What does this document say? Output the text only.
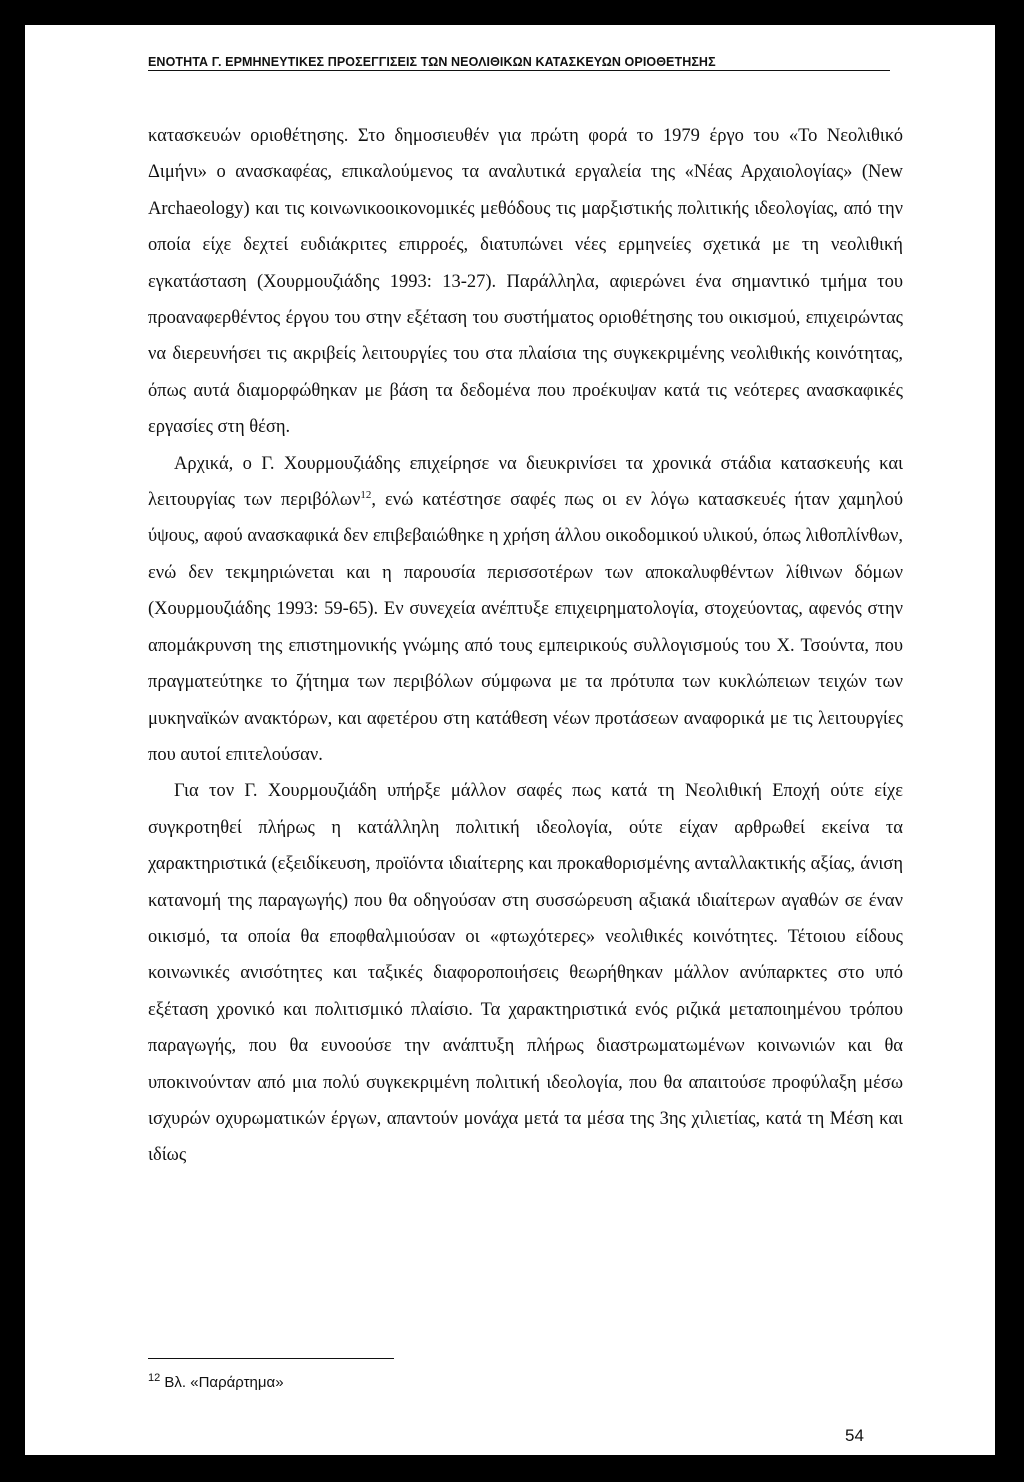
ΕΝΟΤΗΤΑ Γ. ΕΡΜΗΝΕΥΤΙΚΕΣ ΠΡΟΣΕΓΓΙΣΕΙΣ ΤΩΝ ΝΕΟΛΙΘΙΚΩΝ ΚΑΤΑΣΚΕΥΩΝ ΟΡΙΟΘΕΤΗΣΗΣ

κατασκευών οριοθέτησης. Στο δημοσιευθέν για πρώτη φορά το 1979 έργο του «Το Νεολιθικό Διμήνι» ο ανασκαφέας, επικαλούμενος τα αναλυτικά εργαλεία της «Νέας Αρχαιολογίας» (New Archaeology) και τις κοινωνικοοικονομικές μεθόδους τις μαρξιστικής πολιτικής ιδεολογίας, από την οποία είχε δεχτεί ευδιάκριτες επιρροές, διατυπώνει νέες ερμηνείες σχετικά με τη νεολιθική εγκατάσταση (Χουρμουζιάδης 1993: 13-27). Παράλληλα, αφιερώνει ένα σημαντικό τμήμα του προαναφερθέντος έργου του στην εξέταση του συστήματος οριοθέτησης του οικισμού, επιχειρώντας να διερευνήσει τις ακριβείς λειτουργίες του στα πλαίσια της συγκεκριμένης νεολιθικής κοινότητας, όπως αυτά διαμορφώθηκαν με βάση τα δεδομένα που προέκυψαν κατά τις νεότερες ανασκαφικές εργασίες στη θέση.

Αρχικά, ο Γ. Χουρμουζιάδης επιχείρησε να διευκρινίσει τα χρονικά στάδια κατασκευής και λειτουργίας των περιβόλων$^{12}$, ενώ κατέστησε σαφές πως οι εν λόγω κατασκευές ήταν χαμηλού ύψους, αφού ανασκαφικά δεν επιβεβαιώθηκε η χρήση άλλου οικοδομικού υλικού, όπως λιθοπλίνθων, ενώ δεν τεκμηριώνεται και η παρουσία περισσοτέρων των αποκαλυφθέντων λίθινων δόμων (Χουρμουζιάδης 1993: 59-65). Εν συνεχεία ανέπτυξε επιχειρηματολογία, στοχεύοντας, αφενός στην απομάκρυνση της επιστημονικής γνώμης από τους εμπειρικούς συλλογισμούς του Χ. Τσούντα, που πραγματεύτηκε το ζήτημα των περιβόλων σύμφωνα με τα πρότυπα των κυκλώπειων τειχών των μυκηναϊκών ανακτόρων, και αφετέρου στη κατάθεση νέων προτάσεων αναφορικά με τις λειτουργίες που αυτοί επιτελούσαν.

Για τον Γ. Χουρμουζιάδη υπήρξε μάλλον σαφές πως κατά τη Νεολιθική Εποχή ούτε είχε συγκροτηθεί πλήρως η κατάλληλη πολιτική ιδεολογία, ούτε είχαν αρθρωθεί εκείνα τα χαρακτηριστικά (εξειδίκευση, προϊόντα ιδιαίτερης και προκαθορισμένης ανταλλακτικής αξίας, άνιση κατανομή της παραγωγής) που θα οδηγούσαν στη συσσώρευση αξιακά ιδιαίτερων αγαθών σε έναν οικισμό, τα οποία θα εποφθαλμιούσαν οι «φτωχότερες» νεολιθικές κοινότητες. Τέτοιου είδους κοινωνικές ανισότητες και ταξικές διαφοροποιήσεις θεωρήθηκαν μάλλον ανύπαρκτες στο υπό εξέταση χρονικό και πολιτισμικό πλαίσιο. Τα χαρακτηριστικά ενός ριζικά μεταποιημένου τρόπου παραγωγής, που θα ευνοούσε την ανάπτυξη πλήρως διαστρωματωμένων κοινωνιών και θα υποκινούνταν από μια πολύ συγκεκριμένη πολιτική ιδεολογία, που θα απαιτούσε προφύλαξη μέσω ισχυρών οχυρωματικών έργων, απαντούν μονάχα μετά τα μέσα της 3ης χιλιετίας, κατά τη Μέση και ιδίως

$^{12}$ Βλ. «Παράρτημα»
54
